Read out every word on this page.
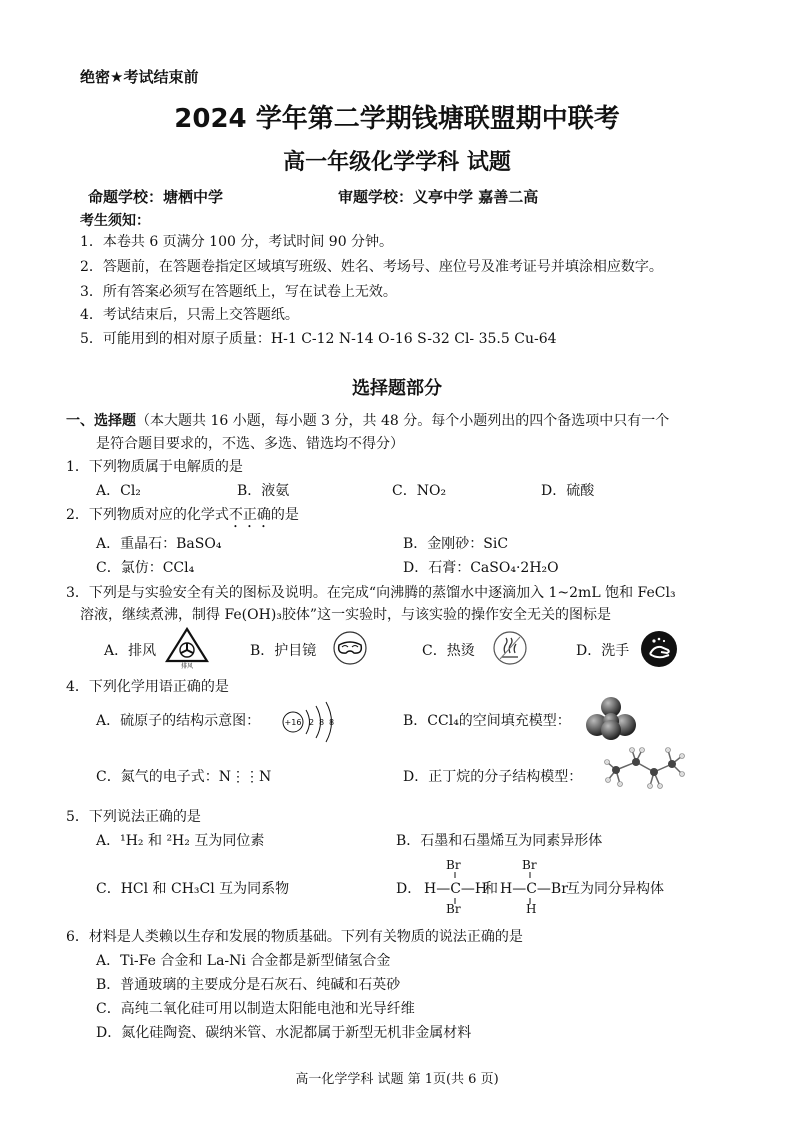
绝密★考试结束前
2024 学年第二学期钱塘联盟期中联考
高一年级化学学科 试题
命题学校：塘栖中学	审题学校：义亭中学 嘉善二高
考生须知：
1．本卷共 6 页满分 100 分，考试时间 90 分钟。
2．答题前，在答题卷指定区域填写班级、姓名、考场号、座位号及准考证号并填涂相应数字。
3．所有答案必须写在答题纸上，写在试卷上无效。
4．考试结束后，只需上交答题纸。
5．可能用到的相对原子质量：H-1 C-12 N-14 O-16 S-32 Cl- 35.5 Cu-64
选择题部分
一、选择题（本大题共 16 小题，每小题 3 分，共 48 分。每个小题列出的四个备选项中只有一个
是符合题目要求的，不选、多选、错选均不得分）
1．下列物质属于电解质的是
A．Cl₂	B．液氨	C．NO₂	D．硫酸
2．下列物质对应的化学式不正确的是
A．重晶石：BaSO₄	B．金刚砂：SiC
C．氯仿：CCl₄	D．石膏：CaSO₄·2H₂O
3．下列是与实验安全有关的图标及说明。在完成“向沸腾的蒸馏水中逐滴加入 1~2mL 饱和 FeCl₃
溶液，继续煮沸，制得 Fe(OH)₃胶体”这一实验时，与该实验的操作安全无关的图标是
A．排风
排风
B．护目镜	C．热烫	D．洗手
4．下列化学用语正确的是
A．硫原子的结构示意图：	+16 2 8 8	B．CCl₄的空间填充模型：
C．氮气的电子式：N⋮⋮N	D．正丁烷的分子结构模型：
5．下列说法正确的是
A．¹H₂ 和 ²H₂ 互为同位素	B．石墨和石墨烯互为同素异形体
C．HCl 和 CH₃Cl 互为同系物	D．
Br
H—C—H
Br
和
Br
H—C—Br
H
互为同分异构体
6．材料是人类赖以生存和发展的物质基础。下列有关物质的说法正确的是
A．Ti-Fe 合金和 La-Ni 合金都是新型储氢合金
B．普通玻璃的主要成分是石灰石、纯碱和石英砂
C．高纯二氧化硅可用以制造太阳能电池和光导纤维
D．氮化硅陶瓷、碳纳米管、水泥都属于新型无机非金属材料
高一化学学科 试题 第 1页(共 6 页)
